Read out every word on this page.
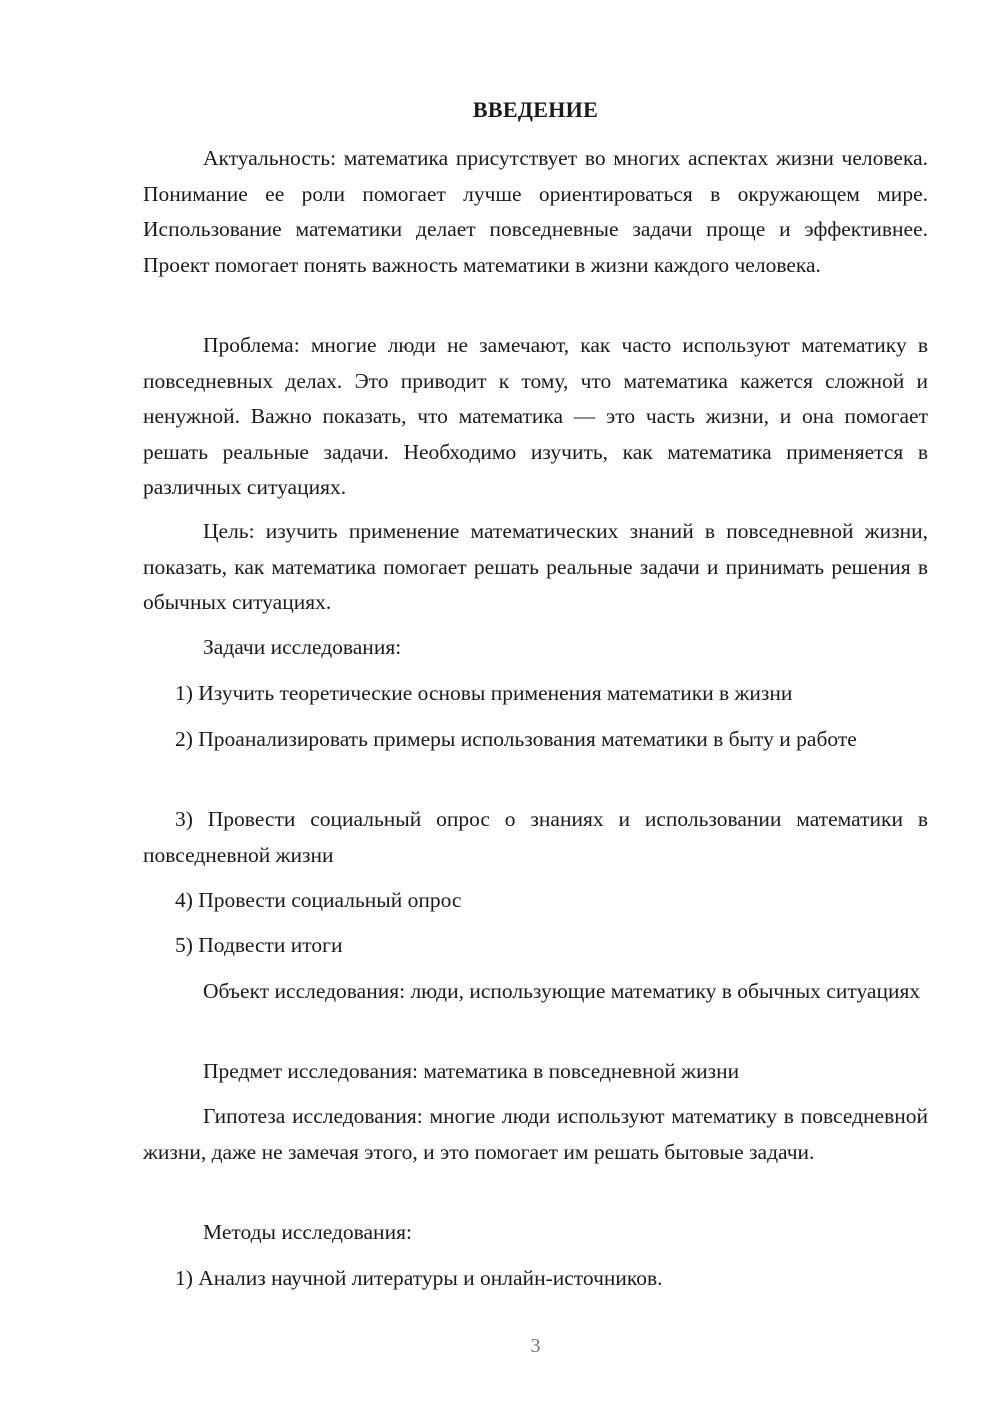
ВВЕДЕНИЕ

Актуальность: математика присутствует во многих аспектах жизни человека. Понимание ее роли помогает лучше ориентироваться в окружающем мире. Использование математики делает повседневные задачи проще и эффективнее. Проект помогает понять важность математики в жизни каждого человека.

Проблема: многие люди не замечают, как часто используют математику в повседневных делах. Это приводит к тому, что математика кажется сложной и ненужной. Важно показать, что математика — это часть жизни, и она помогает решать реальные задачи. Необходимо изучить, как математика применяется в различных ситуациях.

Цель: изучить применение математических знаний в повседневной жизни, показать, как математика помогает решать реальные задачи и принимать решения в обычных ситуациях.

Задачи исследования:

1) Изучить теоретические основы применения математики в жизни

2) Проанализировать примеры использования математики в быту и работе

3) Провести социальный опрос о знаниях и использовании математики в повседневной жизни

4) Провести социальный опрос

5) Подвести итоги

Объект исследования: люди, использующие математику в обычных ситуациях

Предмет исследования: математика в повседневной жизни

Гипотеза исследования: многие люди используют математику в повседневной жизни, даже не замечая этого, и это помогает им решать бытовые задачи.

Методы исследования:

1) Анализ научной литературы и онлайн-источников.

3
